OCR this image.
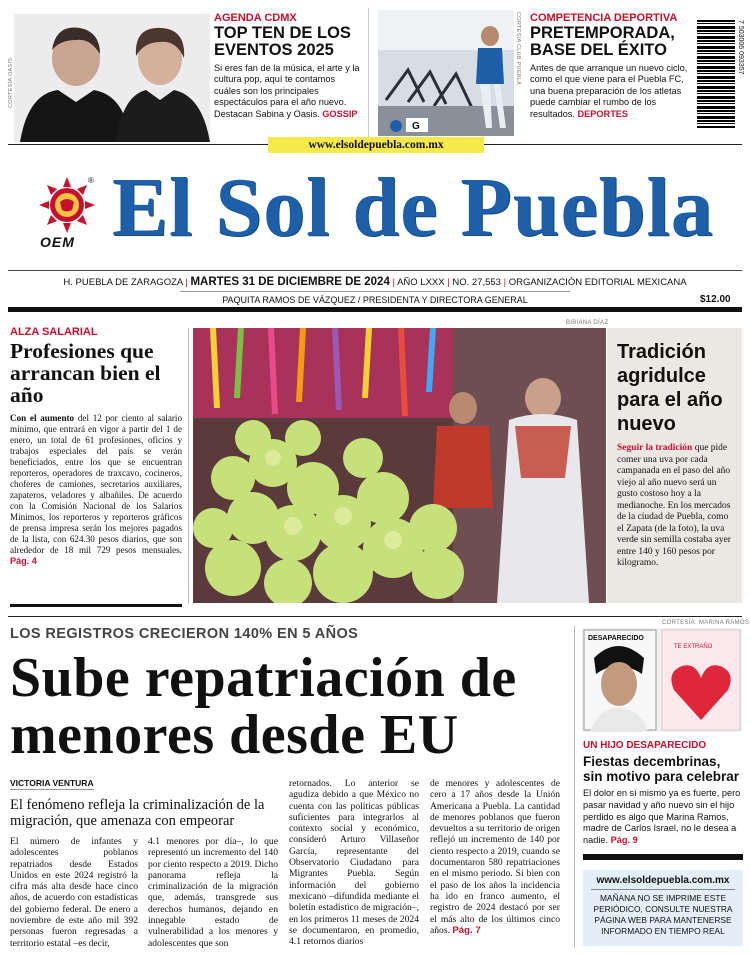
CORTESÍA OASIS
AGENDA CDMX
TOP TEN DE LOS EVENTOS 2025
Si eres fan de la música, el arte y la cultura pop, aquí te contamos cuáles son los principales espectáculos para el año nuevo. Destacan Sabina y Oasis. GOSSIP
G
CORTESÍA CLUB PUEBLA COMPETENCIA DEPORTIVA
PRETEMPORADA, BASE DEL ÉXITO
Antes de que arranque un nuevo ciclo, como el que viene para el Puebla FC, una buena preparación de los atletas puede cambiar el rumbo de los resultados. DEPORTES
7 503006 093357
www.elsoldepuebla.com.mx
OEM
® El Sol de Puebla
H. PUEBLA DE ZARAGOZA | MARTES 31 DE DICIEMBRE DE 2024 | AÑO LXXX | NO. 27,553 | ORGANIZACIÓN EDITORIAL MEXICANA
PAQUITA RAMOS DE VÁZQUEZ / PRESIDENTA Y DIRECTORA GENERAL	$12.00
ALZA SALARIAL
Profesiones que arrancan bien el año

Con el aumento del 12 por ciento al salario mínimo, que entrará en vigor a partir del 1 de enero, un total de 61 profesiones, oficios y trabajos especiales del país se verán beneficiados, entre los que se encuentran reporteros, operadores de traxcavo, cocineros, choferes de camiones, secretarios auxiliares, zapateros, veladores y albañiles. De acuerdo con la Comisión Nacional de los Salarios Mínimos, los reporteros y reporteros gráficos de prensa impresa serán los mejores pagados de la lista, con 624.30 pesos diarios, que son alrededor de 18 mil 729 pesos mensuales. Pág. 4

BIBIANA DÍAZ
Tradición agridulce para el año nuevo

Seguir la tradición que pide comer una uva por cada campanada en el paso del año viejo al año nuevo será un gusto costoso hoy a la medianoche. En los mercados de la ciudad de Puebla, como el Zapata (de la foto), la uva verde sin semilla costaba ayer entre 140 y 160 pesos por kilogramo.

LOS REGISTROS CRECIERON 140% EN 5 AÑOS
Sube repatriación de menores desde EU
VICTORIA VENTURA
El fenómeno refleja la criminalización de la migración, que amenaza con empeorar

El número de infantes y adolescentes poblanos repatriados desde Estados Unidos en este 2024 registró la cifra más alta desde hace cinco años, de acuerdo con estadísticas del gobierno federal. De enero a noviembre de este año mil 392 personas fueron regresadas a territorio estatal –es decir,

4.1 menores por día–, lo que representó un incremento del 140 por ciento respecto a 2019. Dicho panorama refleja la criminalización de la migración que, además, transgrede sus derechos humanos, dejando en innegable estado de vulnerabilidad a los menores y adolescentes que son

retornados. Lo anterior se agudiza debido a que México no cuenta con las políticas públicas suficientes para integrarlos al contexto social y económico, consideró Arturo Villaseñor García, representante del Observatorio Ciudadano para Migrantes Puebla. Según información del gobierno mexicano –difundida mediante el boletín estadístico de migración–, en los primeros 11 meses de 2024 se documentaron, en promedio, 4.1 retornos diarios

de menores y adolescentes de cero a 17 años desde la Unión Americana a Puebla. La cantidad de menores poblanos que fueron devueltos a su territorio de origen reflejó un incremento de 140 por ciento respecto a 2019, cuando se documentaron 580 repatriaciones en el mismo periodo. Si bien con el paso de los años la incidencia ha ido en franco aumento, el registro de 2024 destacó por ser el más alto de los últimos cinco años. Pág. 7

CORTESÍA: MARINA RAMOS
DESAPARECIDO
TE EXTRAÑO
UN HIJO DESAPARECIDO
Fiestas decembrinas, sin motivo para celebrar
El dolor en sí mismo ya es fuerte, pero pasar navidad y año nuevo sin el hijo perdido es algo que Marina Ramos, madre de Carlos Israel, no le desea a nadie. Pág. 9
www.elsoldepuebla.com.mx
MAÑANA NO SE IMPRIME ESTE PERIÓDICO, CONSULTE NUESTRA PÁGINA WEB PARA MANTENERSE INFORMADO EN TIEMPO REAL
